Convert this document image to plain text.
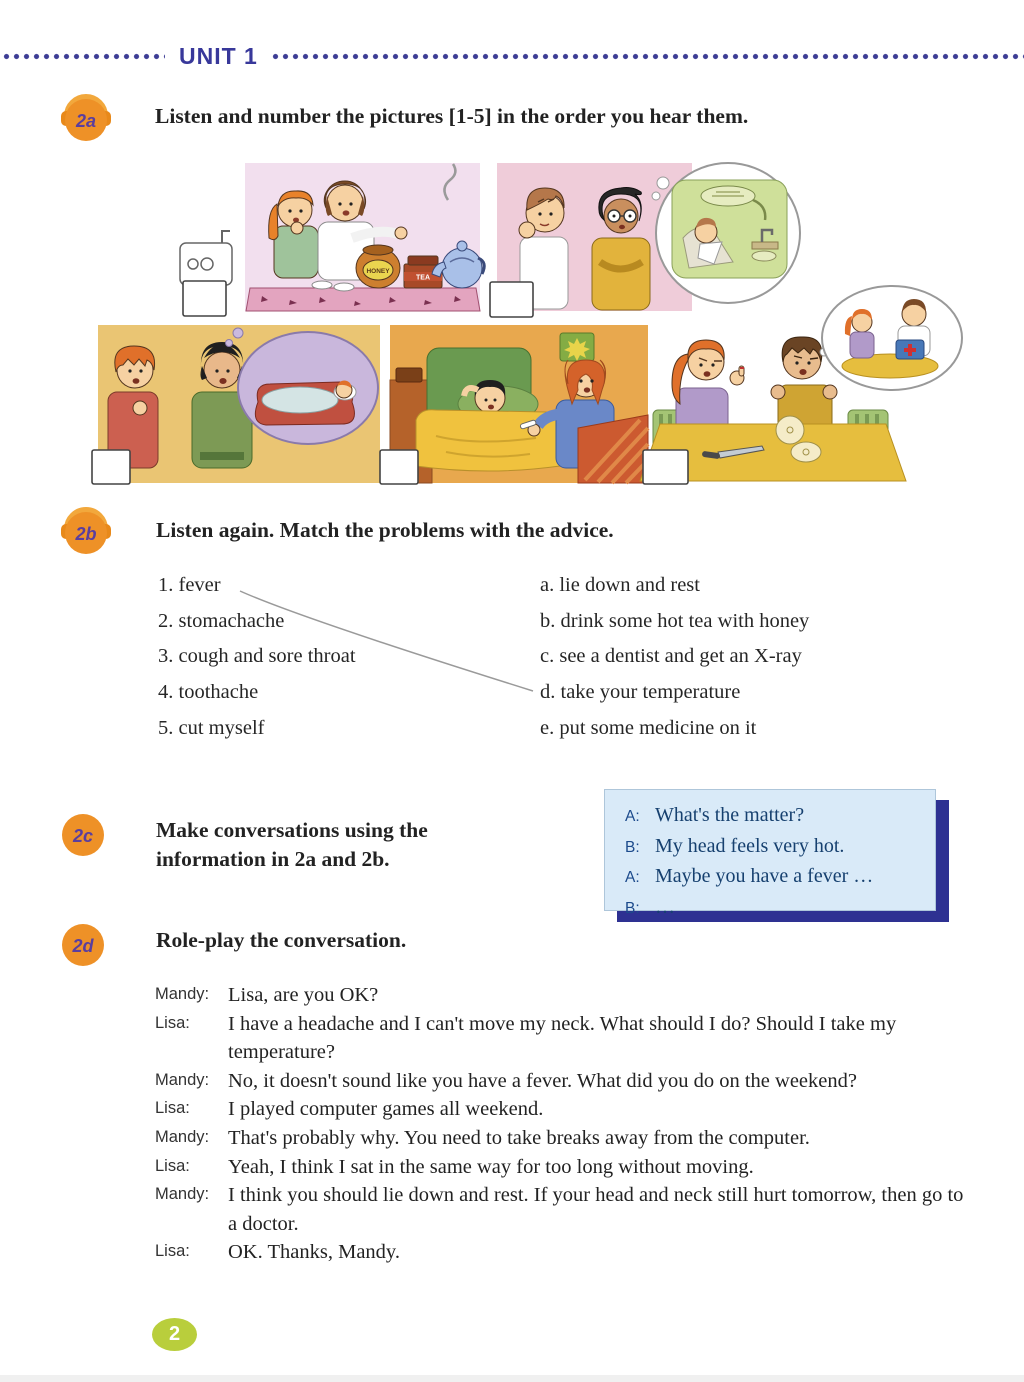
UNIT 1
2a	Listen and number the pictures [1-5] in the order you hear them.
HONEY
TEA
2b	Listen again. Match the problems with the advice.
1. fever
2. stomachache
3. cough and sore throat
4. toothache
5. cut myself
a. lie down and rest
b. drink some hot tea with honey
c. see a dentist and get an X-ray
d. take your temperature
e. put some medicine on it
2c	Make conversations using the
information in 2a and 2b.
A: What's the matter?
B: My head feels very hot.
A: Maybe you have a fever …
B: …
2d	Role-play the conversation.
Mandy: Lisa, are you OK?
Lisa:	I have a headache and I can't move my neck. What should I do? Should I take my temperature?
Mandy: No, it doesn't sound like you have a fever. What did you do on the weekend?
Lisa:	I played computer games all weekend.
Mandy: That's probably why. You need to take breaks away from the computer.
Lisa:	Yeah, I think I sat in the same way for too long without moving.
Mandy: I think you should lie down and rest. If your head and neck still hurt tomorrow, then go to a doctor.
Lisa:	OK. Thanks, Mandy.
2
